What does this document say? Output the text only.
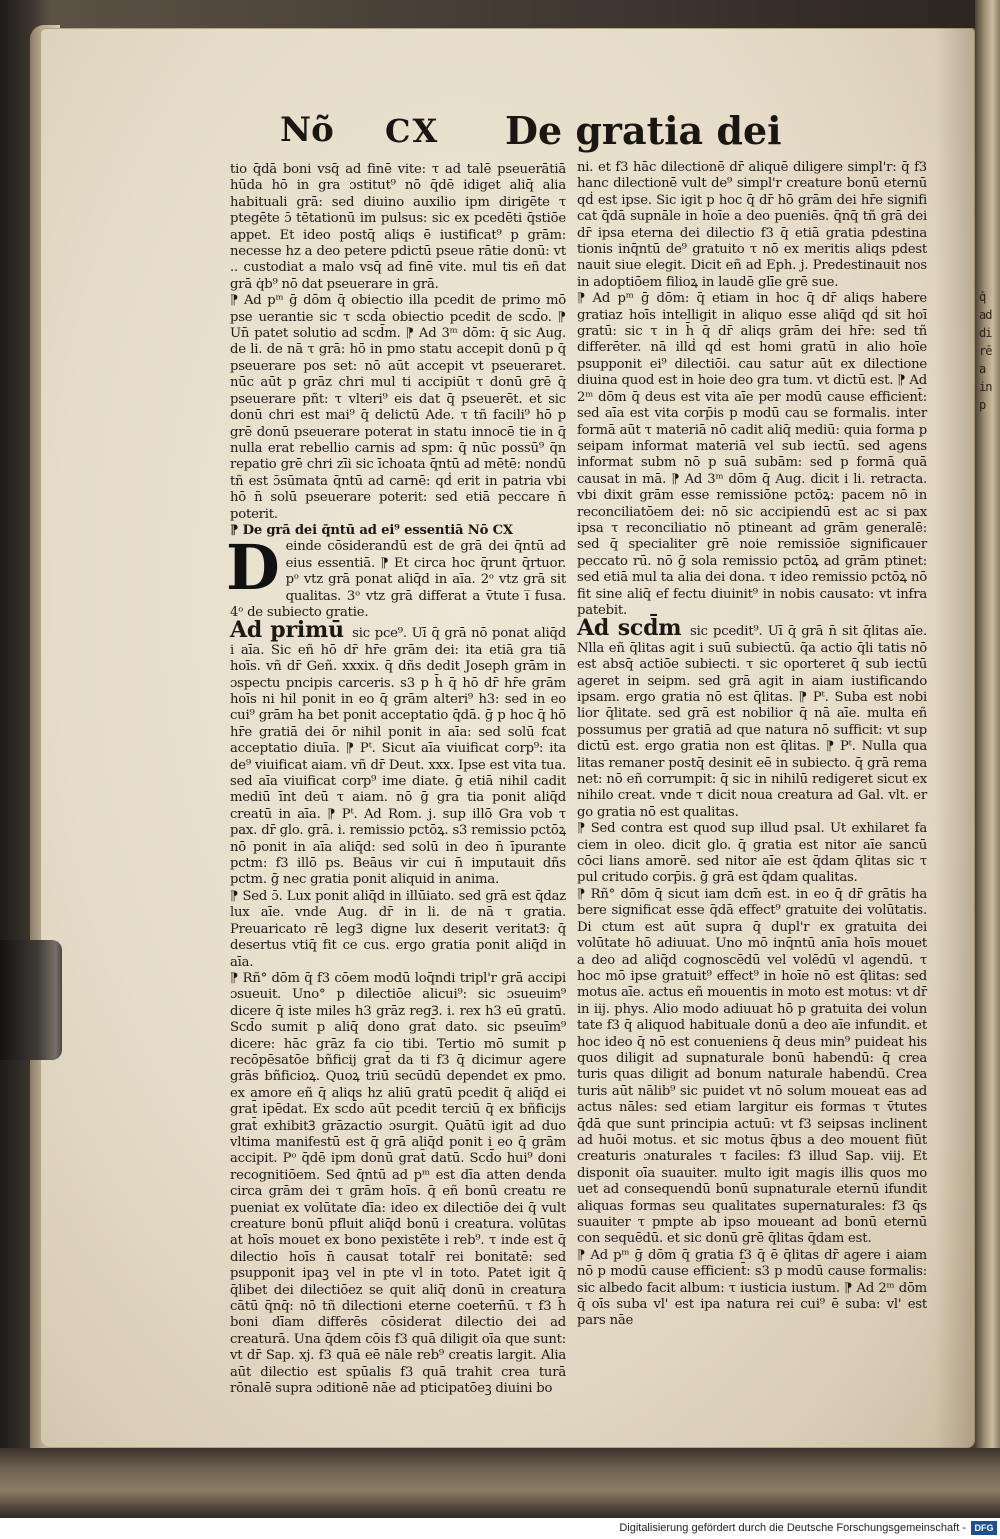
q̄
ad
di
rē
a
in
p
Nõ CX De gratia dei

tio q̄dā boni vsq̄ ad finē vite: τ ad talē pseuerātiā hūda hō in gra ɔstitut⁹ nō q̄dē idiget aliq̄ alia habituali grā: sed diuino auxilio ipm dirigēte τ ptegēte ɔ̄ tētationū im pulsus: sic ex pcedēti q̄stiōe appet. Et ideo postq̄ aliqs ē iustificat⁹ p grām: necesse hz a deo petere pdictū pseue rātie donū: vt .. custodiat a malo vsq̄ ad finē vite. mul tis eñ dat grā q̇b⁹ nō dat pseuerare in grā.

⁋ Ad pᵐ ḡ dōm q̄ obiectio illa pcedit de primo mō pse uerantie sic τ scd̄a obiectio pcedit de scd̄o. ⁋ Un̄ patet solutio ad scd̄m. ⁋ Ad 3ᵐ dōm: q̄ sic Aug. de li. de nā τ grā: hō in pmo statu accepit donū p q̄ pseuerare pos set: nō aūt accepit vt pseueraret. nūc aūt p grāz chri mul ti accipiūt τ donū grē q̄ pseuerare pñt: τ vlteri⁹ eis dat q̄ pseuerēt. et sic donū chri est mai⁹ q̄ delictū Ade. τ tñ facili⁹ hō p grē donū pseuerare poterat in statu innocē tie in q̄ nulla erat rebellio carnis ad spm: q̄ nūc possū⁹ q̄n repatio grē chri zīi sic īchoata q̄ntū ad mētē: nondū tñ est ɔ̄sūmata q̄ntū ad carnē: qḋ erit in patria vbi hō n̄ solū pseuerare poterit: sed etiā peccare n̄ poterit.

⁋ De grā dei q̄ntū ad ei⁹ essentiā Nō CX

Deinde cōsiderandū est de grā dei q̄ntū ad eius essentiā. ⁋ Et circa hoc q̄runt q̄rtuor. pᵒ vtz grā ponat aliq̄d in aīa. 2ᵒ vtz grā sit qualitas. 3ᵒ vtz grā differat a v̄tute i̅ fusa. 4ᵒ de subiecto gratie.

Ad primū sic pce⁹. Uī q̄ grā nō ponat aliq̄d i aīa. Sic eñ hō dr̄ hr̄e grām dei: ita etiā gra tiā hoīs. vñ dr̄ Geñ. xxxix. q̄ dñs dedit Joseph grām in ɔspectu pncipis carceris. s3 p h̄ q̄ hō dr̄ hr̄e grām hoīs ni hil ponit in eo q̄ grām alteri⁹ h3: sed in eo cui⁹ grām ha bet ponit acceptatio q̄dā. ḡ p hoc q̄ hō hr̄e gratiā dei ōr nihil ponit in aīa: sed solū fcat acceptatio diuīa. ⁋ Pᵗ. Sicut aīa viuificat corp⁹: ita de⁹ viuificat aiam. vñ dr̄ Deut. xxx. Ipse est vita tua. sed aīa viuificat corp⁹ ime diate. ḡ etiā nihil cadit mediū īnt deū τ aiam. nō ḡ gra tia ponit aliq̄d creatū in aīa. ⁋ Pᵗ. Ad Rom. j. sup illō Gra vob τ pax. dr̄ glo. grā. i. remissio pctōꝝ. s3 remissio pctōꝝ nō ponit in aīa aliq̄d: sed solū in deo n̄ īpurante pctm: f3 illō ps. Beāus vir cui n̄ imputauit dñs pctm. ḡ nec gratia ponit aliquid in anima.

⁋ Sed ɔ̄. Lux ponit aliq̄d in illūiato. sed grā est q̄daz lux aīe. vnde Aug. dr̄ in li. de nā τ gratia. Preuaricato rē legꝪ digne lux deserit veritatꝪ: q̄ desertus vtiq̄ fit ce cus. ergo gratia ponit aliq̄d in aīa.

⁋ Rñ° dōm q̄ f3 cōem modū loq̄ndi tripl'r grā accipi ɔsueuit. Uno° p dilectiōe alicui⁹: sic ɔsueuim⁹ dicere q̄ iste miles h3 grāz regꝪ. i. rex h3 eū gratū. Scd̄o sumit p aliq̄ dono grat̄ dato. sic pseuīm⁹ dicere: hāc grāz fa cio tibi. Tertio mō sumit p recōpēsatōe bñficij grat̄ da ti f3 q̄ dicimur agere grās bñficioꝝ. Quoꝝ triū secūdū dependet ex pmo. ex amore eñ q̄ aliqs hz aliū gratū pcedit q̄ aliq̄d ei grat̄ ipēdat. Ex scd̄o aūt pcedit terciū q̄ ex bñficijs grat̄ exhibitꝪ grāzactio ɔsurgit. Quātū igit ad duo vltima manifestū est q̄ grā aliq̄d ponit i eo q̄ grām accipit. Pᵒ q̄dē ipm donū grat̄ datū. Scd̄o hui⁹ doni recognitiōem. Sed q̄ntū ad pᵐ est dīa atten denda circa grām dei τ grām hoīs. q̄ eñ bonū creatu re pueniat ex volūtate dīa: ideo ex dilectiōe dei q̄ vult creature bonū pfluit aliq̄d bonū i creatura. volūtas at hoīs mouet ex bono pexistēte i reb⁹. τ inde est q̄ dilectio hoīs n̄ causat totalr̄ rei bonitatē: sed psupponit ipaꝫ vel in pte vl in toto. Patet igit q̄ q̄libet dei dilectiōez se quit aliq̄ donū in creatura cātū q̄nq̄: nō tñ dilectioni eterne coetern̄ū. τ f3 h̄ boni dīam differēs cōsiderat dilectio dei ad creaturā. Una q̄dem cōis f3 quā diligit oīa que sunt: vt dr̄ Sap. xj. f3 quā eē nāle reb⁹ creatis largit. Alia aūt dilectio est spūalis f3 quā trahit crea turā rōnalē supra ɔditionē nāe ad pticipatōeꝫ diuini bo

ni. et f3 hāc dilectionē dr̄ aliquē diligere simpl'r: q̄ f3 hanc dilectionē vult de⁹ simpl'r creature bonū eternū qḋ est ipse. Sic igit p hoc q̄ dr̄ hō grām dei hr̄e signifi cat q̄dā supnāle in hoīe a deo pueniēs. q̄nq̄ tñ grā dei dr̄ ipsa eterna dei dilectio f3 q̄ etiā gratia pdestina tionis inq̄ntū de⁹ gratuito τ nō ex meritis aliqs pdest nauit siue elegit. Dicit eñ ad Eph. j. Predestinauit nos in adoptiōem filioꝝ in laudē glīe grē sue.

⁋ Ad pᵐ ḡ dōm: q̄ etiam in hoc q̄ dr̄ aliqs habere gratiaz hoīs intelligit in aliquo esse aliq̄d qḋ sit hoī gratū: sic τ in h̄ q̄ dr̄ aliqs grām dei hr̄e: sed tñ differēter. nā illḋ qḋ est homi gratū in alio hoīe psupponit ei⁹ dilectiōi. cau satur aūt ex dilectione diuina quod est in hoie deo gra tum. vt dictū est. ⁋ Ad 2ᵐ dōm q̄ deus est vita aīe per modū cause efficient̄: sed aīa est vita corp̄is p modū cau se formalis. inter formā aūt τ materiā nō cadit aliq̄ mediū: quia forma p seipam informat materiā vel sub iectū. sed agens informat subm nō p suā subām: sed p formā quā causat in mā. ⁋ Ad 3ᵐ dōm q̄ Aug. dicit i li. retracta. vbi dixit grām esse remissiōne pctōꝝ: pacem nō in reconciliatōem dei: nō sic accipiendū est ac si pax ipsa τ reconciliatio nō ptineant ad grām generalē: sed q̄ specialiter grē noie remissiōe significauer peccato rū. nō ḡ sola remissio pctōꝝ ad grām ptinet: sed etiā mul ta alia dei dona. τ ideo remissio pctōꝝ nō fit sine aliq̄ ef fectu diuinit⁹ in nobis causato: vt infra patebit.

Ad scd̄m sic pcedit⁹. Uī q̄ grā n̄ sit q̄litas aīe. Nlla eñ q̄litas agit i suū subiectū. q̄a actio q̄li tatis nō est absq̄ actiōe subiecti. τ sic oporteret q̄ sub iectū ageret in seipm. sed grā agit in aiam iustificando ipsam. ergo gratia nō est q̄litas. ⁋ Pᵗ. Suba est nobi lior q̄litate. sed grā est nobilior q̄ nā aīe. multa eñ possumus per gratiā ad que natura nō sufficit: vt sup dictū est. ergo gratia non est q̄litas. ⁋ Pᵗ. Nulla qua litas remaner postq̄ desinit eē in subiecto. q̄ grā rema net: nō eñ corrumpit: q̄ sic in nihilū redigeret sicut ex nihilo creat. vnde τ dicit noua creatura ad Gal. vlt. er go gratia nō est qualitas.

⁋ Sed contra est quod sup illud psal. Ut exhilaret fa ciem in oleo. dicit glo. q̄ gratia est nitor aīe sancū cōci lians amorē. sed nitor aīe est q̄dam q̄litas sic τ pul critudo corp̄is. ḡ grā est q̄dam qualitas.

⁋ Rñ° dōm q̄ sicut iam dcm̄ est. in eo q̄ dr̄ grātis ha bere significat esse q̄dā effect⁹ gratuite dei volūtatis. Di ctum est aūt supra q̄ dupl'r ex gratuita dei volūtate hō adiuuat. Uno mō inq̄ntū anīa hoīs mouet a deo ad aliq̄d cognoscēdū vel volēdū vl agendū. τ hoc mō ipse gratuit⁹ effect⁹ in hoīe nō est q̄litas: sed motus aīe. actus eñ mouentis in moto est motus: vt dr̄ in iij. phys. Alio modo adiuuat hō p gratuita dei volun tate f3 q̄ aliquod habituale donū a deo aīe infundit. et hoc ideo q̄ nō est conueniens q̄ deus min⁹ puideat his quos diligit ad supnaturale bonū habendū: q̄ crea turis quas diligit ad bonum naturale habendū. Crea turis aūt nālib⁹ sic puidet vt nō solum moueat eas ad actus nāles: sed etiam largitur eis formas τ v̄tutes q̄dā que sunt principia actuū: vt f3 seipsas inclinent ad huōi motus. et sic motus q̄bus a deo mouent fiūt creaturis ɔnaturales τ faciles: f3 illud Sap. viij. Et disponit oīa suauiter. multo igit magis illis quos mo uet ad consequendū bonū supnaturale eternū ifundit aliquas formas seu qualitates supernaturales: f3 q̄s suauiter τ pmpte ab ipso moueant ad bonū eternū con sequēdū. et sic donū grē q̄litas q̄dam est.

⁋ Ad pᵐ ḡ dōm q̄ gratia f3 q̄ ē q̄litas dr̄ agere i aiam nō p modū cause efficient̄: s3 p modū cause formalis: sic albedo facit album: τ iusticia iustum. ⁋ Ad 2ᵐ dōm q̄ oīs suba vl' est ipa natura rei cui⁹ ē suba: vl' est pars nāe

Digitalisierung gefördert durch die Deutsche Forschungsgemeinschaft - DFG
